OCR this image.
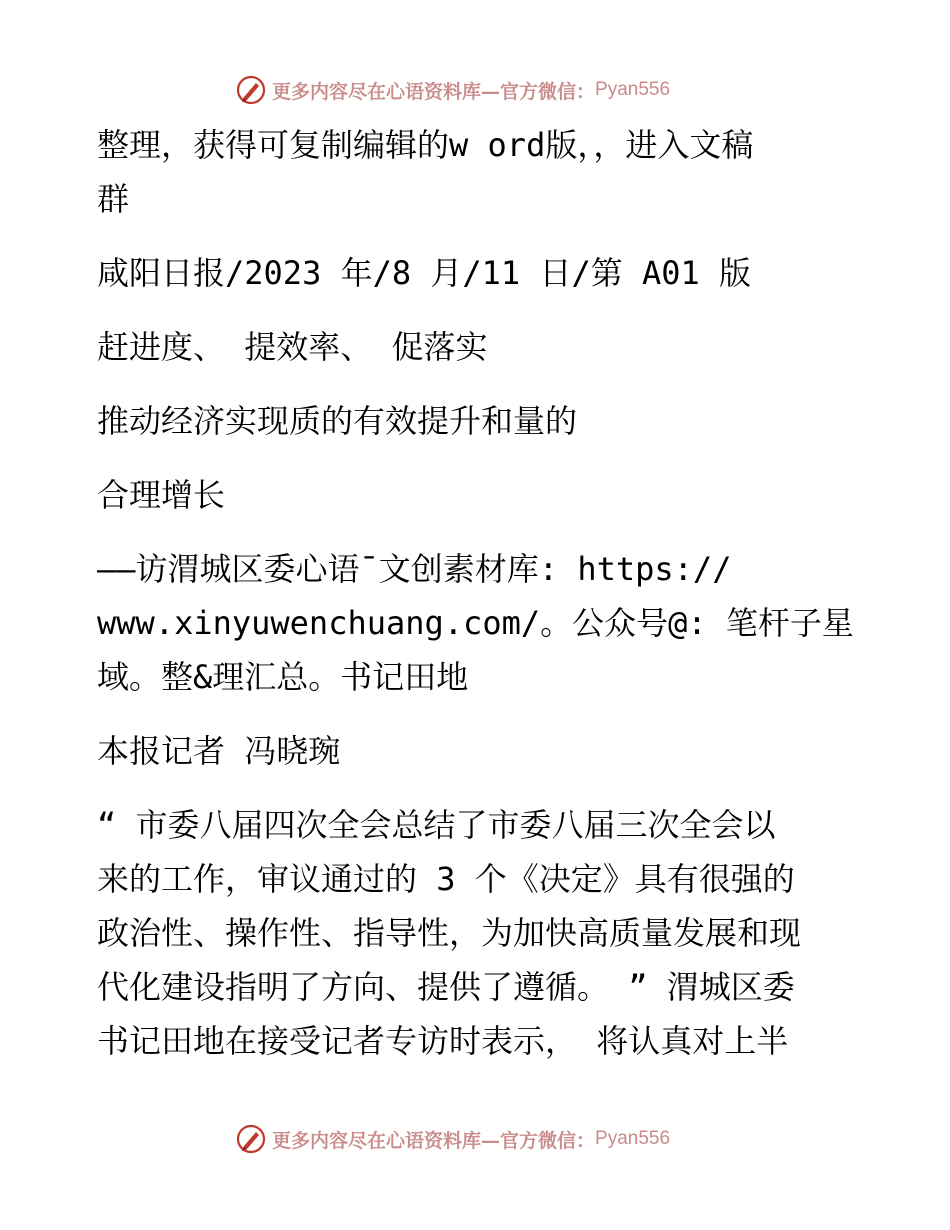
更多内容尽在心语资料库—官方微信： Pyan556

整理，获得可复制编辑的w ord版，，进入文稿

群

咸阳日报/2023 年/8 月/11 日/第 A01 版

赶进度、 提效率、 促落实

推动经济实现质的有效提升和量的

合理增长

——访渭城区委心语¯文创素材库: https://

www.xinyuwenchuang.com/。公众号@: 笔杆子星

域。整&理汇总。书记田地

本报记者 冯晓琬

“ 市委八届四次全会总结了市委八届三次全会以

来的工作，审议通过的 3 个《决定》具有很强的

政治性、操作性、指导性，为加快高质量发展和现

代化建设指明了方向、提供了遵循。 ” 渭城区委

书记田地在接受记者专访时表示， 将认真对上半

更多内容尽在心语资料库—官方微信： Pyan556
